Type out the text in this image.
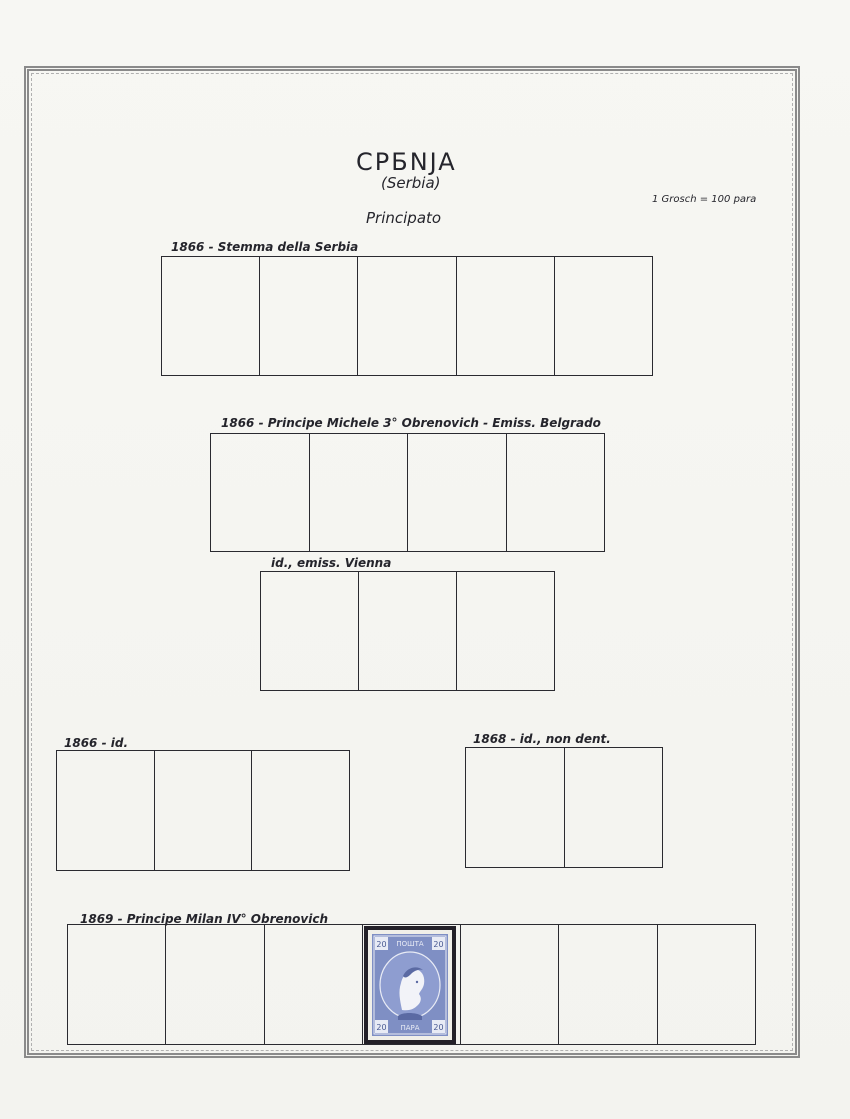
CPБNJA
(Serbia)
1 Grosch = 100 para
Principato
1866 - Stemma della Serbia
1866 - Principe Michele 3° Obrenovich - Emiss. Belgrado
id., emiss. Vienna
1866 - id.	1868 - id., non dent.
1869 - Principe Milan IV° Obrenovich
20	20
20	20
ПОШТА
ПАРА
